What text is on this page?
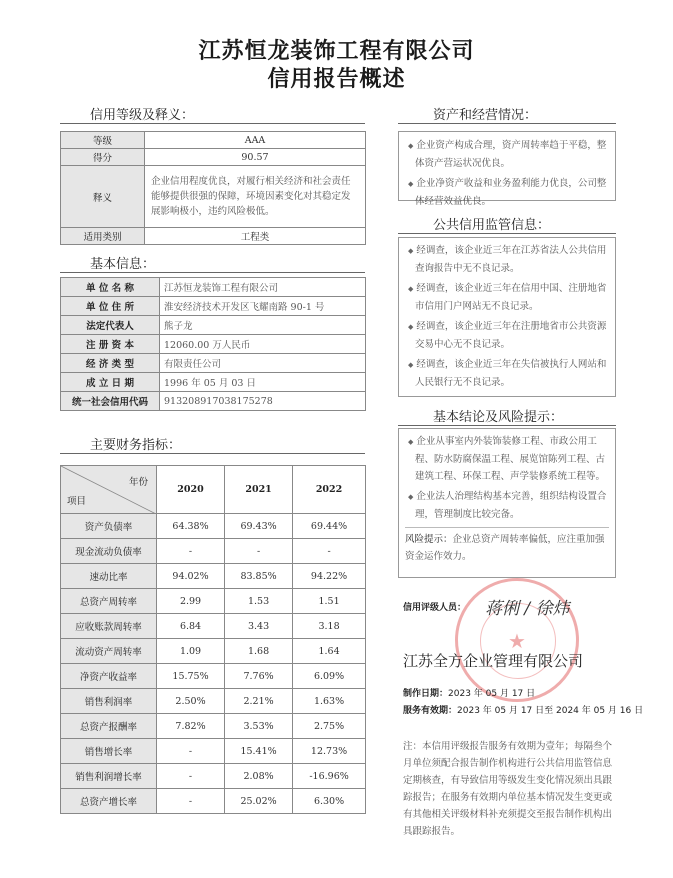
江苏恒龙装饰工程有限公司
信用报告概述
信用等级及释义：
等级	AAA
得分	90.57
释义	企业信用程度优良，对履行相关经济和社会责任能够提供很强的保障，环境因素变化对其稳定发展影响极小，违约风险极低。
适用类别	工程类
基本信息：
单 位 名 称	江苏恒龙装饰工程有限公司
单 位 住 所	淮安经济技术开发区飞耀南路 90-1 号
法定代表人	熊子龙
注 册 资 本	12060.00 万人民币
经 济 类 型	有限责任公司
成 立 日 期	1996 年 05 月 03 日
统一社会信用代码	913208917038175278
主要财务指标：
年份
项目	2020	2021	2022
资产负债率	64.38%	69.43%	69.44%
现金流动负债率	-	-	-
速动比率	94.02%	83.85%	94.22%
总资产周转率	2.99	1.53	1.51
应收账款周转率	6.84	3.43	3.18
流动资产周转率	1.09	1.68	1.64
净资产收益率	15.75%	7.76%	6.09%
销售利润率	2.50%	2.21%	1.63%
总资产报酬率	7.82%	3.53%	2.75%
销售增长率	-	15.41%	12.73%
销售利润增长率	-	2.08%	-16.96%
总资产增长率	-	25.02%	6.30%
资产和经营情况：

◆ 企业资产构成合理，资产周转率趋于平稳，整体资产营运状况优良。

◆ 企业净资产收益和业务盈利能力优良，公司整体经营效益优良。

公共信用监管信息：

◆ 经调查，该企业近三年在江苏省法人公共信用查询报告中无不良记录。

◆ 经调查，该企业近三年在信用中国、注册地省市信用门户网站无不良记录。

◆ 经调查，该企业近三年在注册地省市公共资源交易中心无不良记录。

◆ 经调查，该企业近三年在失信被执行人网站和人民银行无不良记录。

基本结论及风险提示：

◆ 企业从事室内外装饰装修工程、市政公用工程、防水防腐保温工程、展览馆陈列工程、古建筑工程、环保工程、声学装修系统工程等。

◆ 企业法人治理结构基本完善，组织结构设置合理，管理制度比较完备。

风险提示：企业总资产周转率偏低，应注重加强资金运作效力。
★
信用评级人员： 蒋俐 / 徐炜
江苏全方企业管理有限公司
制作日期：2023 年 05 月 17 日
服务有效期：2023 年 05 月 17 日至 2024 年 05 月 16 日
注：本信用评级报告服务有效期为壹年；每隔叁个月单位须配合报告制作机构进行公共信用监管信息定期核查，有导致信用等级发生变化情况须出具跟踪报告；在服务有效期内单位基本情况发生变更或有其他相关评级材料补充须提交至报告制作机构出具跟踪报告。
